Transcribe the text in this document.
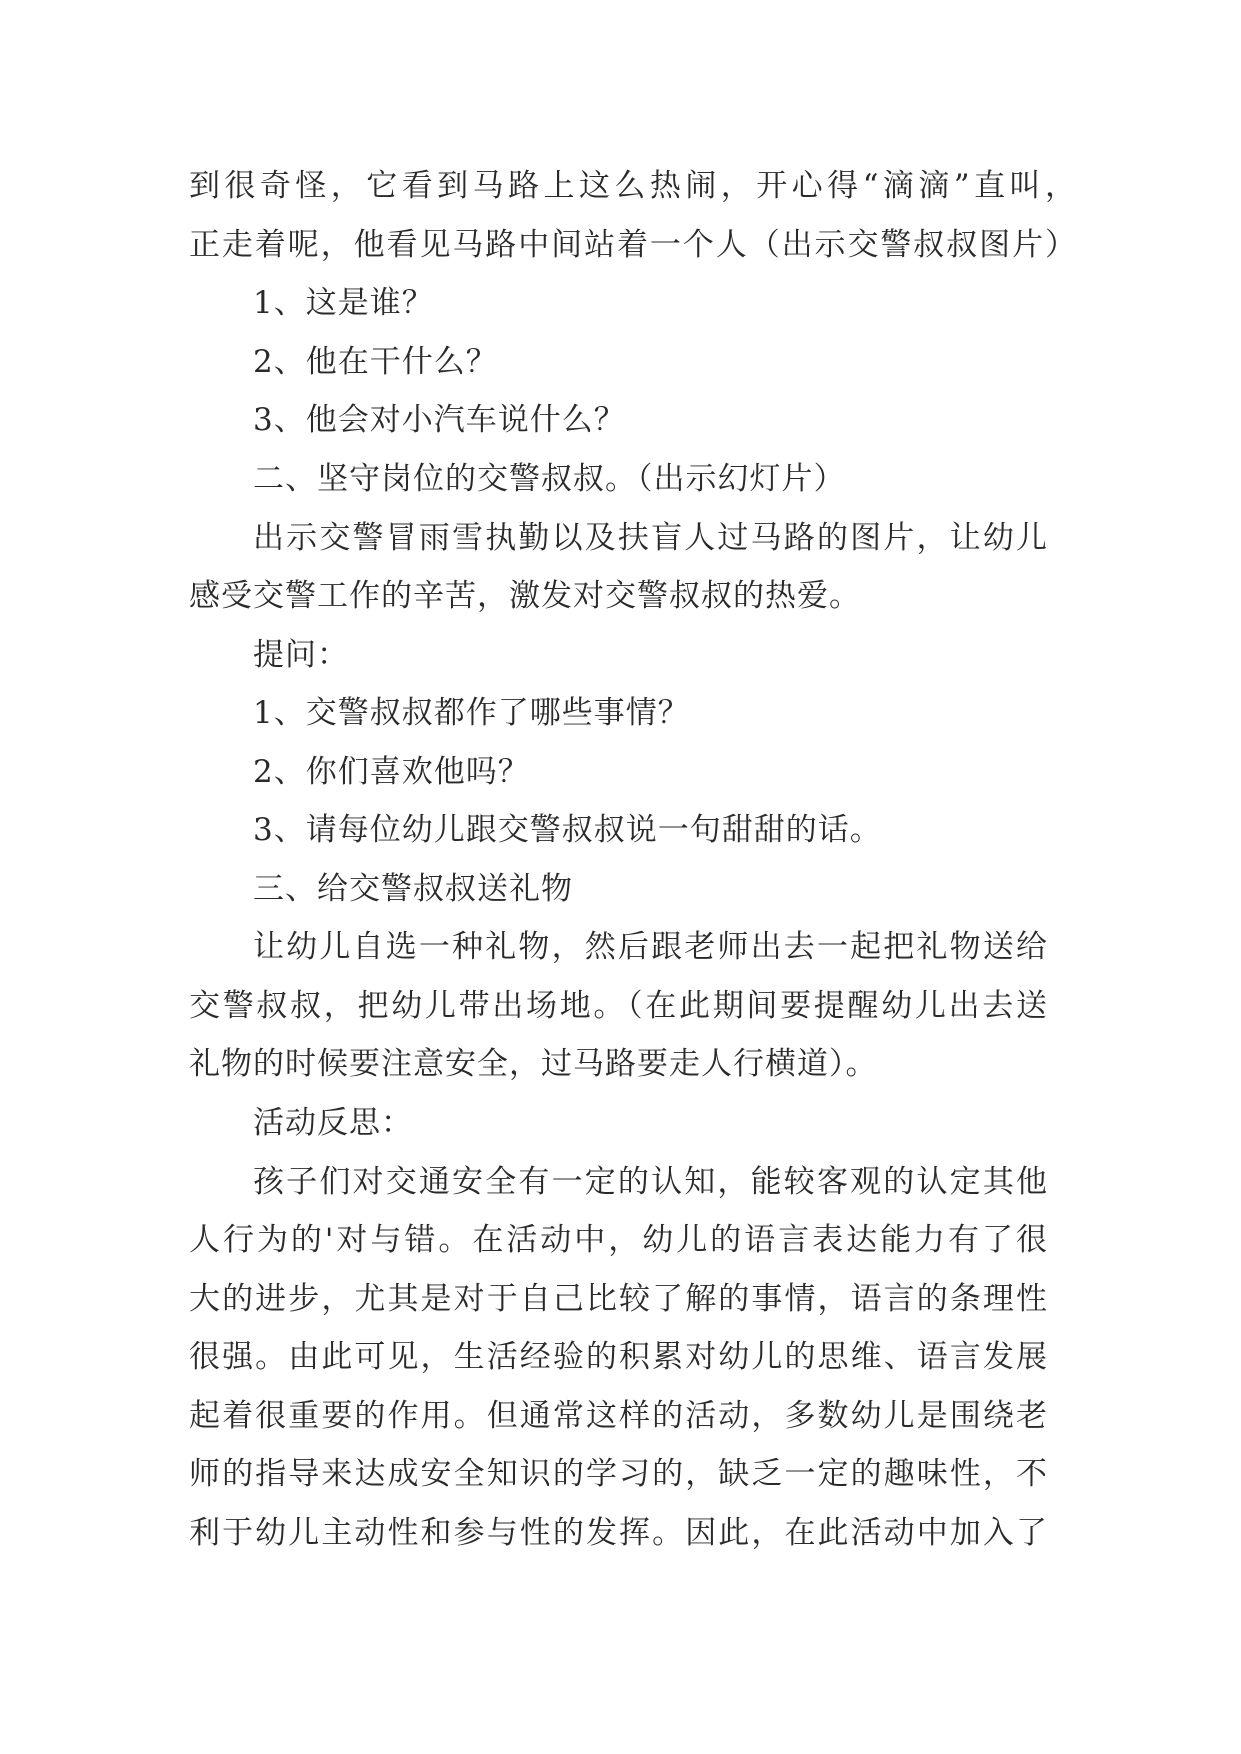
到很奇怪，它看到马路上这么热闹，开心得“滴滴”直叫，
正走着呢，他看见马路中间站着一个人（出示交警叔叔图片）
1、这是谁？
2、他在干什么？
3、他会对小汽车说什么？
二、坚守岗位的交警叔叔。（出示幻灯片）
出示交警冒雨雪执勤以及扶盲人过马路的图片，让幼儿
感受交警工作的辛苦，激发对交警叔叔的热爱。
提问：
1、交警叔叔都作了哪些事情？
2、你们喜欢他吗？
3、请每位幼儿跟交警叔叔说一句甜甜的话。
三、给交警叔叔送礼物
让幼儿自选一种礼物，然后跟老师出去一起把礼物送给
交警叔叔，把幼儿带出场地。（在此期间要提醒幼儿出去送
礼物的时候要注意安全，过马路要走人行横道）。
活动反思：
孩子们对交通安全有一定的认知，能较客观的认定其他
人行为的'对与错。在活动中，幼儿的语言表达能力有了很
大的进步，尤其是对于自己比较了解的事情，语言的条理性
很强。由此可见，生活经验的积累对幼儿的思维、语言发展
起着很重要的作用。但通常这样的活动，多数幼儿是围绕老
师的指导来达成安全知识的学习的，缺乏一定的趣味性，不
利于幼儿主动性和参与性的发挥。因此，在此活动中加入了
